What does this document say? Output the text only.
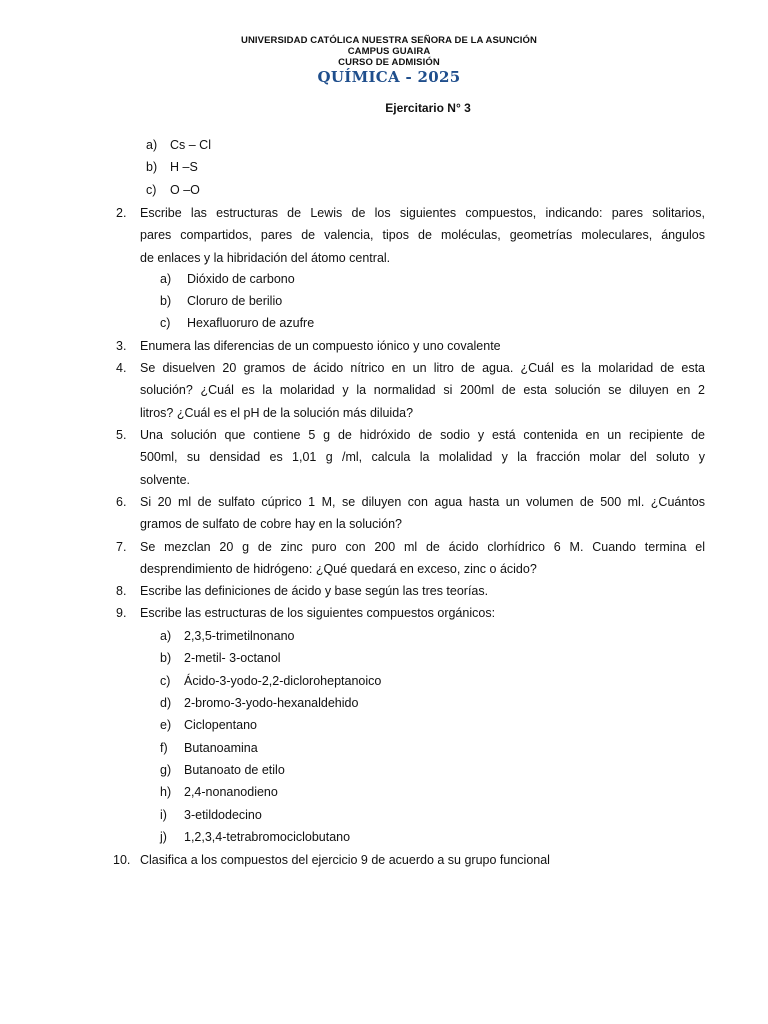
UNIVERSIDAD CATÓLICA NUESTRA SEÑORA DE LA ASUNCIÓN
CAMPUS GUAIRA
CURSO DE ADMISIÓN
QUÍMICA - 2025
Ejercitario N° 3
a) Cs – Cl
b) H –S
c) O –O
2. Escribe las estructuras de Lewis de los siguientes compuestos, indicando: pares solitarios,
pares compartidos, pares de valencia, tipos de moléculas, geometrías moleculares, ángulos
de enlaces y la hibridación del átomo central.
a) Dióxido de carbono
b) Cloruro de berilio
c) Hexafluoruro de azufre
3. Enumera las diferencias de un compuesto iónico y uno covalente
4. Se disuelven 20 gramos de ácido nítrico en un litro de agua. ¿Cuál es la molaridad de esta
solución? ¿Cuál es la molaridad y la normalidad si 200ml de esta solución se diluyen en 2
litros? ¿Cuál es el pH de la solución más diluida?
5. Una solución que contiene 5 g de hidróxido de sodio y está contenida en un recipiente de
500ml, su densidad es 1,01 g /ml, calcula la molalidad y la fracción molar del soluto y
solvente.
6. Si 20 ml de sulfato cúprico 1 M, se diluyen con agua hasta un volumen de 500 ml. ¿Cuántos
gramos de sulfato de cobre hay en la solución?
7. Se mezclan 20 g de zinc puro con 200 ml de ácido clorhídrico 6 M. Cuando termina el
desprendimiento de hidrógeno: ¿Qué quedará en exceso, zinc o ácido?
8. Escribe las definiciones de ácido y base según las tres teorías.
9. Escribe las estructuras de los siguientes compuestos orgánicos:
a) 2,3,5-trimetilnonano
b) 2-metil- 3-octanol
c) Ácido-3-yodo-2,2-dicloroheptanoico
d) 2-bromo-3-yodo-hexanaldehido
e) Ciclopentano
f) Butanoamina
g) Butanoato de etilo
h) 2,4-nonanodieno
i) 3-etildodecino
j) 1,2,3,4-tetrabromociclobutano
10. Clasifica a los compuestos del ejercicio 9 de acuerdo a su grupo funcional
